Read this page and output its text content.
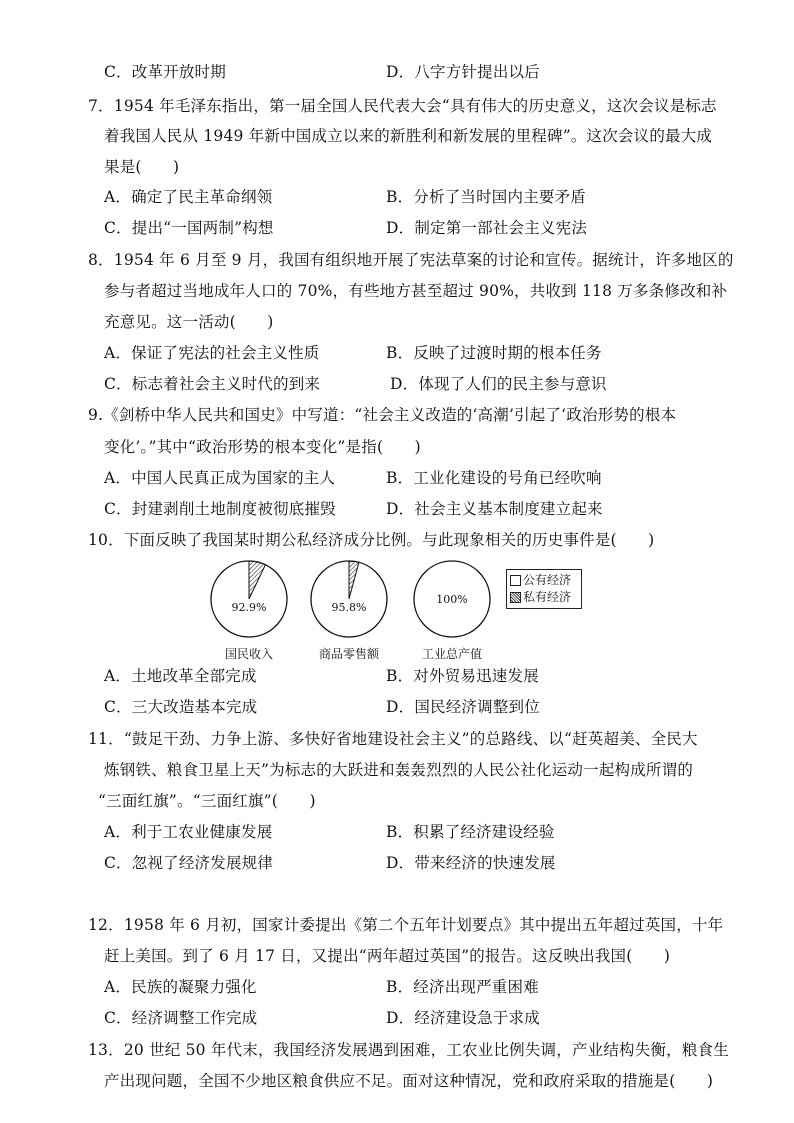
C．改革开放时期	D．八字方针提出以后
7．1954 年毛泽东指出，第一届全国人民代表大会“具有伟大的历史意义，这次会议是标志
着我国人民从 1949 年新中国成立以来的新胜利和新发展的里程碑”。这次会议的最大成
果是(　　)
A．确定了民主革命纲领	B．分析了当时国内主要矛盾
C．提出“一国两制”构想	D．制定第一部社会主义宪法
8．1954 年 6 月至 9 月，我国有组织地开展了宪法草案的讨论和宣传。据统计，许多地区的
参与者超过当地成年人口的 70%，有些地方甚至超过 90%，共收到 118 万多条修改和补
充意见。这一活动(　　)
A．保证了宪法的社会主义性质	B．反映了过渡时期的根本任务
C．标志着社会主义时代的到来	D．体现了人们的民主参与意识
9.《剑桥中华人民共和国史》中写道：“社会主义改造的‘高潮’引起了‘政治形势的根本
变化’。”其中“政治形势的根本变化”是指(　　)
A．中国人民真正成为国家的主人	B．工业化建设的号角已经吹响
C．封建剥削土地制度被彻底摧毁	D．社会主义基本制度建立起来
10．下面反映了我国某时期公私经济成分比例。与此现象相关的历史事件是(　　)
92.9%
国民收入
95.8%
商品零售额
100%
工业总产值
公有经济
私有经济
A．土地改革全部完成	B．对外贸易迅速发展
C．三大改造基本完成	D．国民经济调整到位
11．“鼓足干劲、力争上游、多快好省地建设社会主义”的总路线、以“赶英超美、全民大
炼钢铁、粮食卫星上天”为标志的大跃进和轰轰烈烈的人民公社化运动一起构成所谓的
“三面红旗”。“三面红旗”(　　)
A．利于工农业健康发展	B．积累了经济建设经验
C．忽视了经济发展规律	D．带来经济的快速发展
12．1958 年 6 月初，国家计委提出《第二个五年计划要点》其中提出五年超过英国，十年
赶上美国。到了 6 月 17 日，又提出“两年超过英国”的报告。这反映出我国(　　)
A．民族的凝聚力强化	B．经济出现严重困难
C．经济调整工作完成	D．经济建设急于求成
13．20 世纪 50 年代末，我国经济发展遇到困难，工农业比例失调，产业结构失衡，粮食生
产出现问题，全国不少地区粮食供应不足。面对这种情况，党和政府采取的措施是(　　)
